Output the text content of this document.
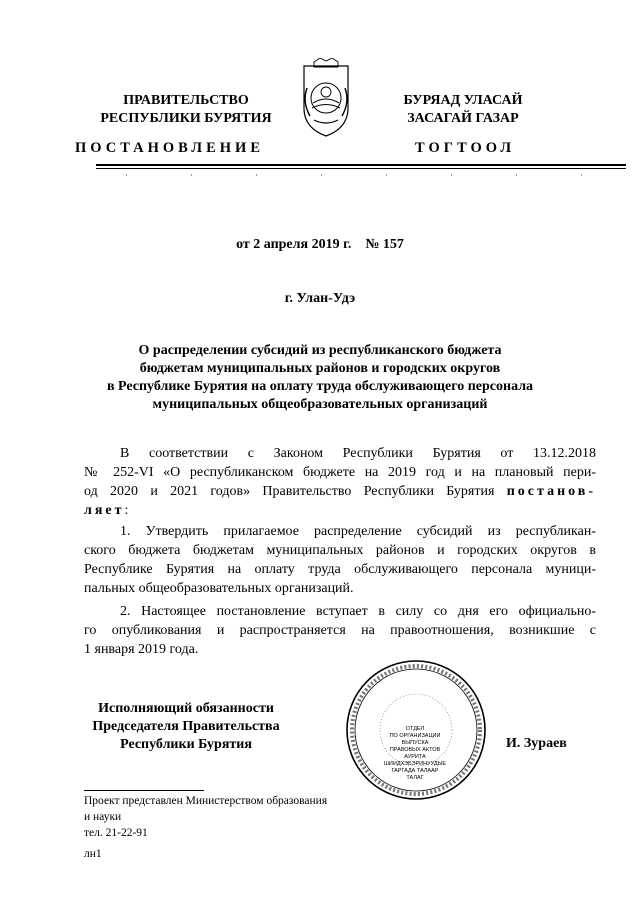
ПРАВИТЕЛЬСТВО
РЕСПУБЛИКИ БУРЯТИЯ
БУРЯАД УЛАСАЙ
ЗАСАГАЙ ГАЗАР
ПОСТАНОВЛЕНИЕ	ТОГТООЛ
от 2 апреля 2019 г. № 157
г. Улан-Удэ
О распределении субсидий из республиканского бюджета
бюджетам муниципальных районов и городских округов
в Республике Бурятия на оплату труда обслуживающего персонала
муниципальных общеобразовательных организаций
В соответствии с Законом Республики Бурятия от 13.12.2018
№ 252-VI «О республиканском бюджете на 2019 год и на плановый пери-
од 2020 и 2021 годов» Правительство Республики Бурятия постанов-
ляет:
1. Утвердить прилагаемое распределение субсидий из республикан-
ского бюджета бюджетам муниципальных районов и городских округов в
Республике Бурятия на оплату труда обслуживающего персонала муници-
пальных общеобразовательных организаций.
2. Настоящее постановление вступает в силу со дня его официально-
го опубликования и распространяется на правоотношения, возникшие с
1 января 2019 года.
Исполняющий обязанности
Председателя Правительства
Республики Бурятия
ОТДЕЛ
ПО ОРГАНИЗАЦИИ
ВЫПУСКА
ПРАВОВЫХ АКТОВ
АУРИТА
ШИИДХЭБЭРИНУУДЫЕ
ГАРГАДА ТАЛААР
ТАЛАГ
И. Зураев
Проект представлен Министерством образования
и науки
тел. 21-22-91
лн1
